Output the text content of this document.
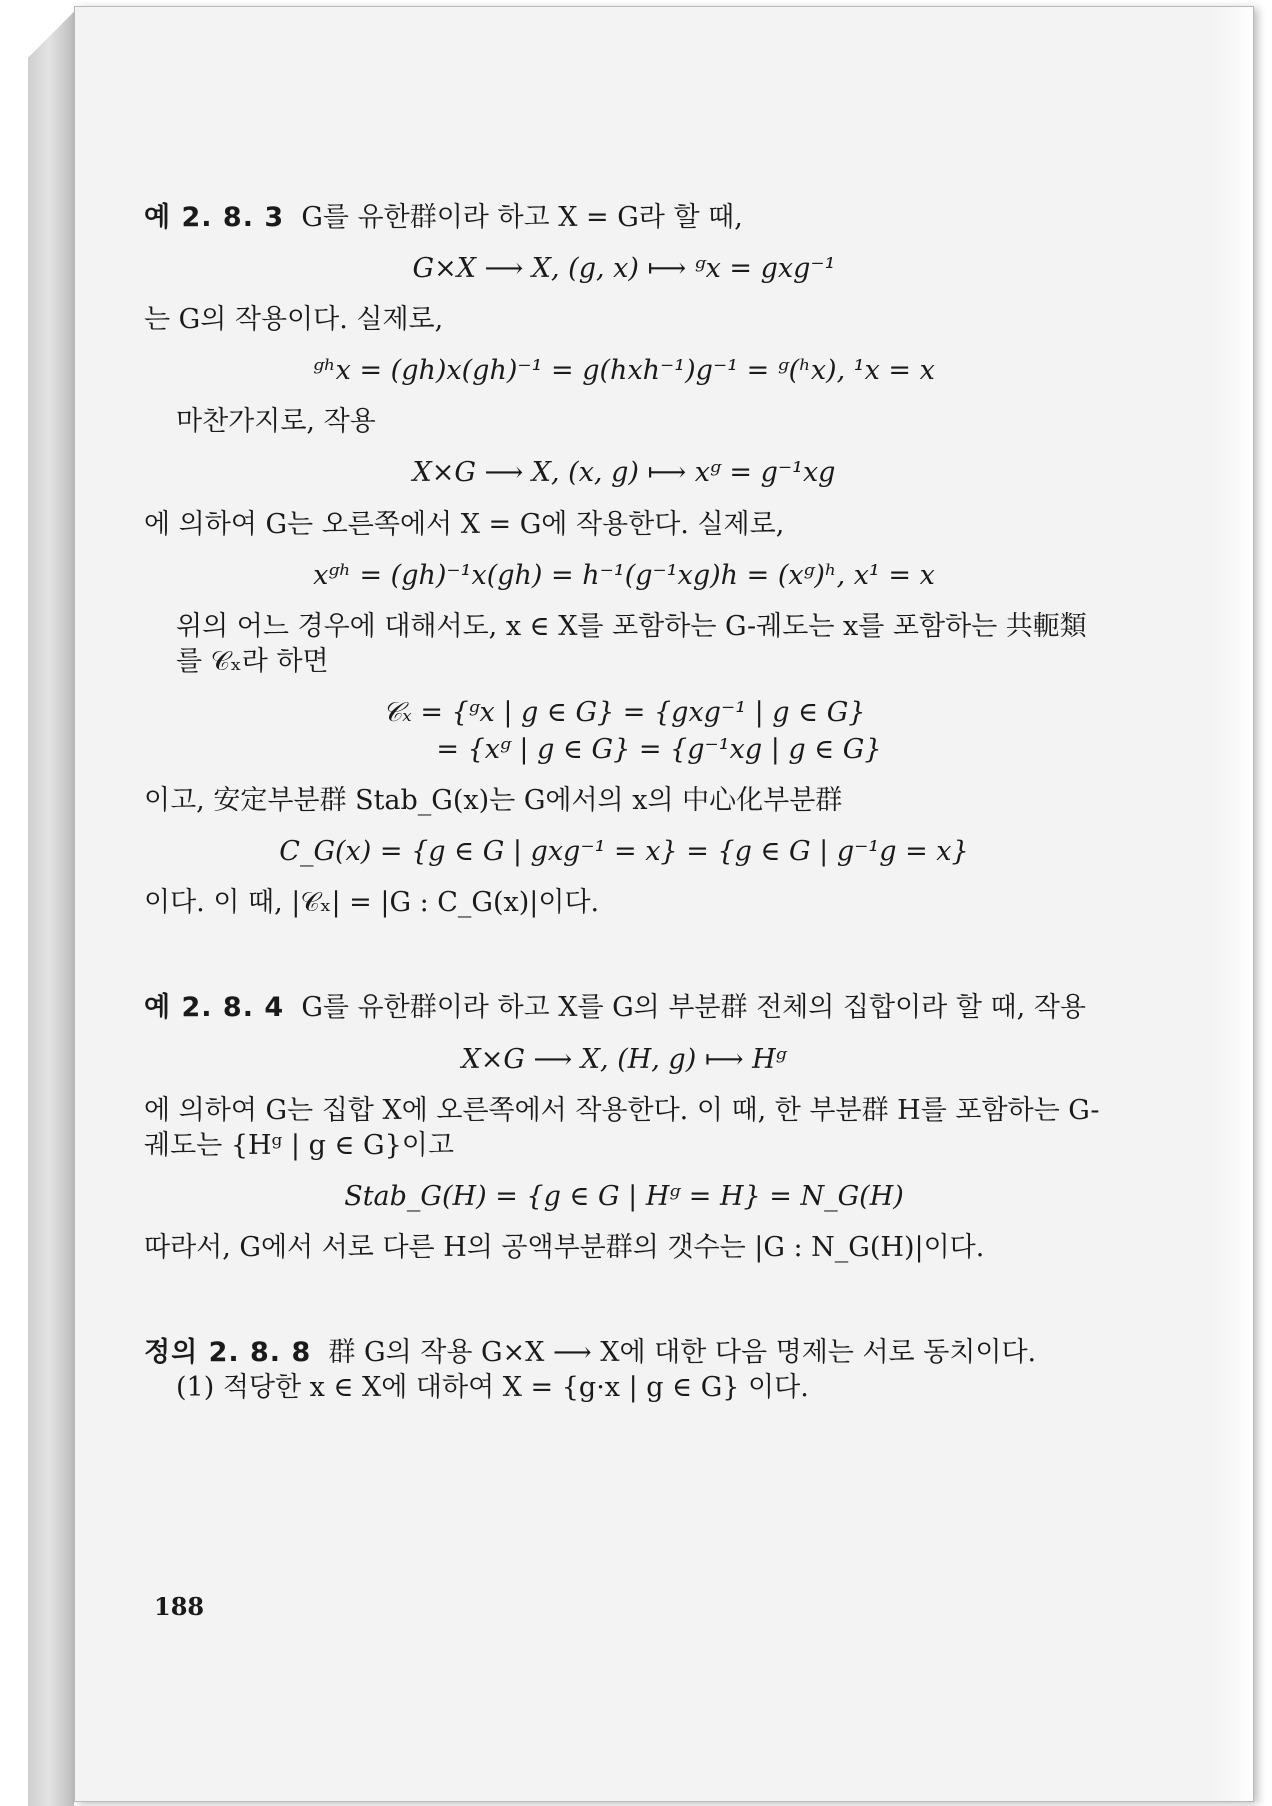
예 2. 8. 3 G를 유한群이라 하고 X = G라 할 때,

G×X ⟶ X, (g, x) ⟼ ᵍx = gxg⁻¹

는 G의 작용이다. 실제로,

ᵍʰx = (gh)x(gh)⁻¹ = g(hxh⁻¹)g⁻¹ = ᵍ(ʰx), ¹x = x

마찬가지로, 작용

X×G ⟶ X, (x, g) ⟼ xᵍ = g⁻¹xg

에 의하여 G는 오른쪽에서 X = G에 작용한다. 실제로,

xᵍʰ = (gh)⁻¹x(gh) = h⁻¹(g⁻¹xg)h = (xᵍ)ʰ, x¹ = x

위의 어느 경우에 대해서도, x ∈ X를 포함하는 G-궤도는 x를 포함하는 共軛類를 𝒞ₓ라 하면

𝒞ₓ = {ᵍx | g ∈ G} = {gxg⁻¹ | g ∈ G}
= {xᵍ | g ∈ G} = {g⁻¹xg | g ∈ G}

이고, 安定부분群 Stab_G(x)는 G에서의 x의 中心化부분群

C_G(x) = {g ∈ G | gxg⁻¹ = x} = {g ∈ G | g⁻¹g = x}

이다. 이 때, |𝒞ₓ| = |G : C_G(x)|이다.

예 2. 8. 4 G를 유한群이라 하고 X를 G의 부분群 전체의 집합이라 할 때, 작용

X×G ⟶ X, (H, g) ⟼ Hᵍ

에 의하여 G는 집합 X에 오른쪽에서 작용한다. 이 때, 한 부분群 H를 포함하는 G-궤도는 {Hᵍ | g ∈ G}이고

Stab_G(H) = {g ∈ G | Hᵍ = H} = N_G(H)

따라서, G에서 서로 다른 H의 공액부분群의 갯수는 |G : N_G(H)|이다.

정의 2. 8. 8 群 G의 작용 G×X ⟶ X에 대한 다음 명제는 서로 동치이다.

(1) 적당한 x ∈ X에 대하여 X = {g·x | g ∈ G} 이다.

188
